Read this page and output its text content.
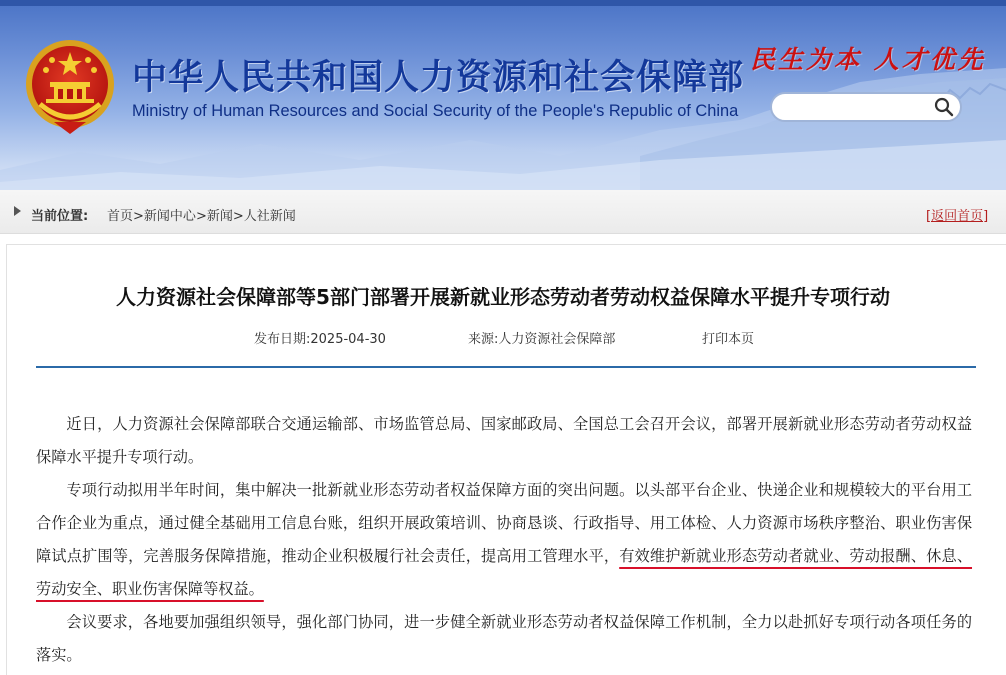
中华人民共和国人力资源和社会保障部
Ministry of Human Resources and Social Security of the People's Republic of China
民生为本 人才优先
当前位置: 首页>新闻中心>新闻>人社新闻	[返回首页]
人力资源社会保障部等5部门部署开展新就业形态劳动者劳动权益保障水平提升专项行动
发布日期:2025-04-30	来源:人力资源社会保障部	打印本页

近日，人力资源社会保障部联合交通运输部、市场监管总局、国家邮政局、全国总工会召开会议，部署开展新就业形态劳动者劳动权益保障水平提升专项行动。

专项行动拟用半年时间，集中解决一批新就业形态劳动者权益保障方面的突出问题。以头部平台企业、快递企业和规模较大的平台用工合作企业为重点，通过健全基础用工信息台账，组织开展政策培训、协商恳谈、行政指导、用工体检、人力资源市场秩序整治、职业伤害保障试点扩围等，完善服务保障措施，推动企业积极履行社会责任，提高用工管理水平，有效维护新就业形态劳动者就业、劳动报酬、休息、劳动安全、职业伤害保障等权益。

会议要求，各地要加强组织领导，强化部门协同，进一步健全新就业形态劳动者权益保障工作机制，全力以赴抓好专项行动各项任务的落实。
